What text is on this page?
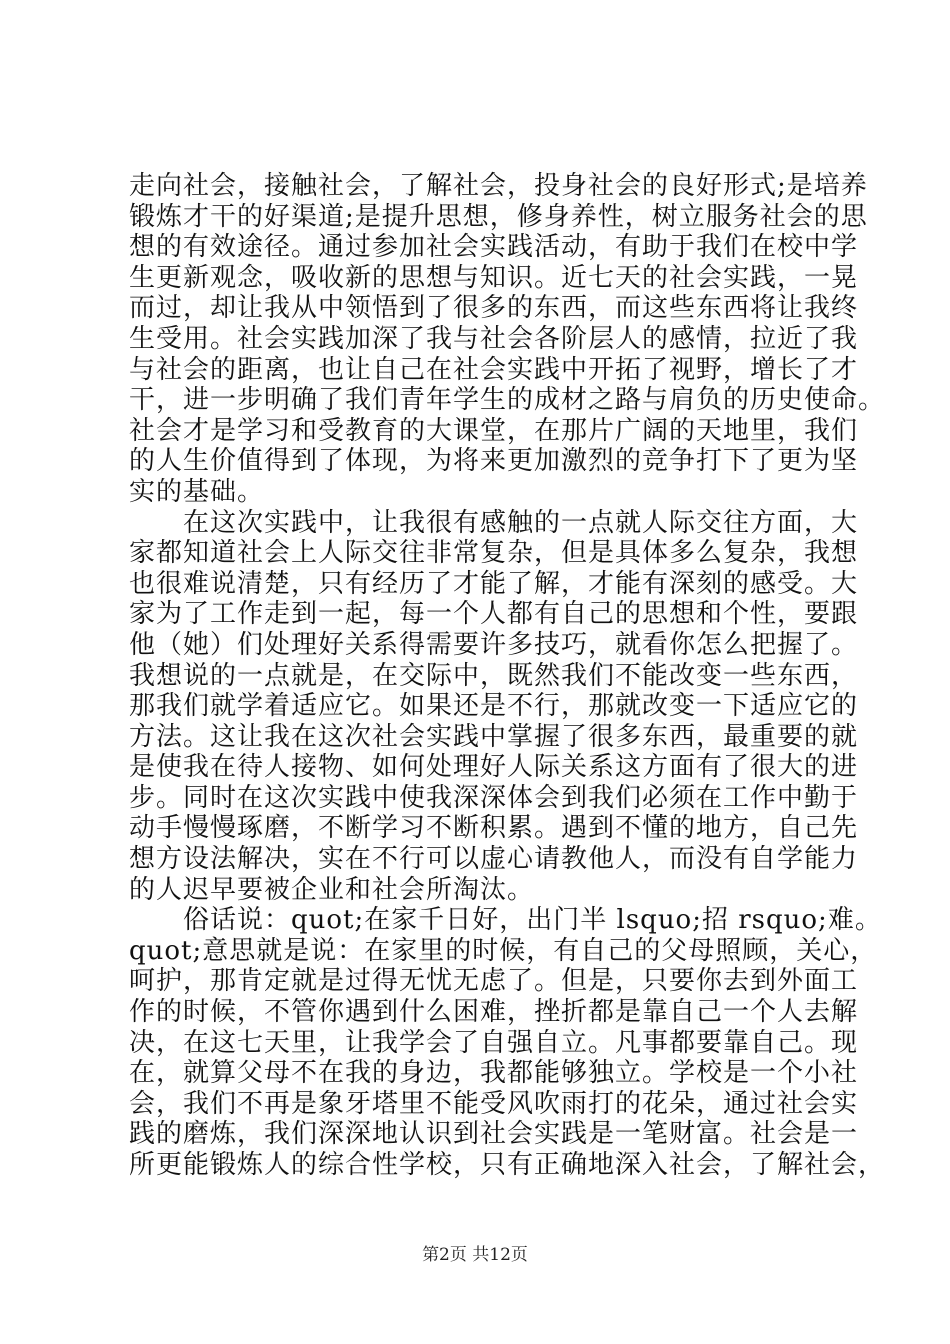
走向社会，接触社会，了解社会，投身社会的良好形式;是培养
锻炼才干的好渠道;是提升思想，修身养性，树立服务社会的思
想的有效途径。通过参加社会实践活动，有助于我们在校中学
生更新观念，吸收新的思想与知识。近七天的社会实践，一晃
而过，却让我从中领悟到了很多的东西，而这些东西将让我终
生受用。社会实践加深了我与社会各阶层人的感情，拉近了我
与社会的距离，也让自己在社会实践中开拓了视野，增长了才
干，进一步明确了我们青年学生的成材之路与肩负的历史使命。
社会才是学习和受教育的大课堂，在那片广阔的天地里，我们
的人生价值得到了体现，为将来更加激烈的竞争打下了更为坚
实的基础。
在这次实践中，让我很有感触的一点就人际交往方面，大
家都知道社会上人际交往非常复杂，但是具体多么复杂，我想
也很难说清楚，只有经历了才能了解，才能有深刻的感受。大
家为了工作走到一起，每一个人都有自己的思想和个性，要跟
他（她）们处理好关系得需要许多技巧，就看你怎么把握了。
我想说的一点就是，在交际中，既然我们不能改变一些东西，
那我们就学着适应它。如果还是不行，那就改变一下适应它的
方法。这让我在这次社会实践中掌握了很多东西，最重要的就
是使我在待人接物、如何处理好人际关系这方面有了很大的进
步。同时在这次实践中使我深深体会到我们必须在工作中勤于
动手慢慢琢磨，不断学习不断积累。遇到不懂的地方，自己先
想方设法解决，实在不行可以虚心请教他人，而没有自学能力
的人迟早要被企业和社会所淘汰。
俗话说：quot;在家千日好，出门半 lsquo;招 rsquo;难。
quot;意思就是说：在家里的时候，有自己的父母照顾，关心，
呵护，那肯定就是过得无忧无虑了。但是，只要你去到外面工
作的时候，不管你遇到什么困难，挫折都是靠自己一个人去解
决，在这七天里，让我学会了自强自立。凡事都要靠自己。现
在，就算父母不在我的身边，我都能够独立。学校是一个小社
会，我们不再是象牙塔里不能受风吹雨打的花朵，通过社会实
践的磨炼，我们深深地认识到社会实践是一笔财富。社会是一
所更能锻炼人的综合性学校，只有正确地深入社会，了解社会，
第2页 共12页
